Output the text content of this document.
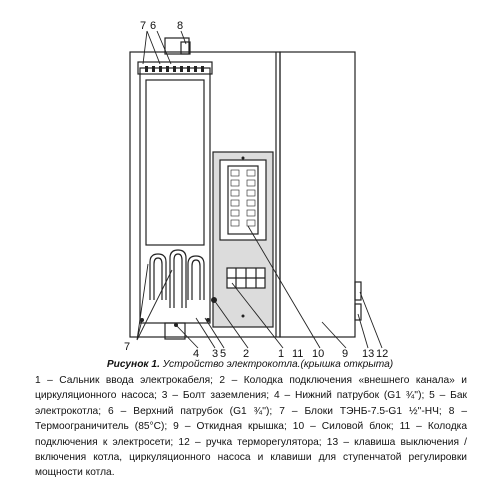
7 6 8
1
2
3
4 5
7
10 9
11	12
13
Рисунок 1. Устройство электрокотла.(крышка открыта)
1 – Сальник ввода электрокабеля; 2 – Колодка подключения «внешнего канала» и циркуляционного насоса; 3 – Болт заземления; 4 – Нижний патрубок (G1 ¾''); 5 – Бак электрокотла; 6 – Верхний патрубок (G1 ¾''); 7 – Блоки ТЭНБ-7.5-G1 ½''-НЧ; 8 – Термоограничитель (85°С); 9 – Откидная крышка; 10 – Силовой блок; 11 – Колодка подключения к электросети; 12 – ручка терморегулятора; 13 – клавиша выключения /включения котла, циркуляционного насоса и клавиши для ступенчатой регулировки мощности котла.
